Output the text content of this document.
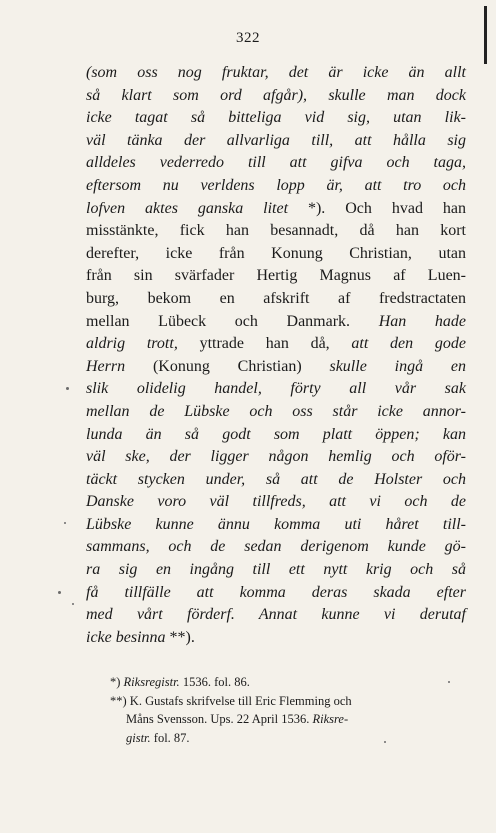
322
(som oss nog fruktar, det är icke än allt
så klart som ord afgår), skulle man dock
icke tagat så bitteliga vid sig, utan lik-
väl tänka der allvarliga till, att hålla sig
alldeles vederredo till att gifva och taga,
eftersom nu verldens lopp är, att tro och
lofven aktes ganska litet *). Och hvad han
misstänkte, fick han besannadt, då han kort
derefter, icke från Konung Christian, utan
från sin svärfader Hertig Magnus af Luen-
burg, bekom en afskrift af fredstractaten
mellan Lübeck och Danmark. Han hade
aldrig trott, yttrade han då, att den gode
Herrn (Konung Christian) skulle ingå en
slik olidelig handel, förty all vår sak
mellan de Lübske och oss står icke annor-
lunda än så godt som platt öppen; kan
väl ske, der ligger någon hemlig och oför-
täckt stycken under, så att de Holster och
Danske voro väl tillfreds, att vi och de
Lübske kunne ännu komma uti håret till-
sammans, och de sedan derigenom kunde gö-
ra sig en ingång till ett nytt krig och så
få tillfälle att komma deras skada efter
med vårt förderf. Annat kunne vi derutaf
icke besinna **).
*) Riksregistr. 1536. fol. 86.
**) K. Gustafs skrifvelse till Eric Flemming och
Måns Svensson. Ups. 22 April 1536. Riksre-
gistr. fol. 87.
